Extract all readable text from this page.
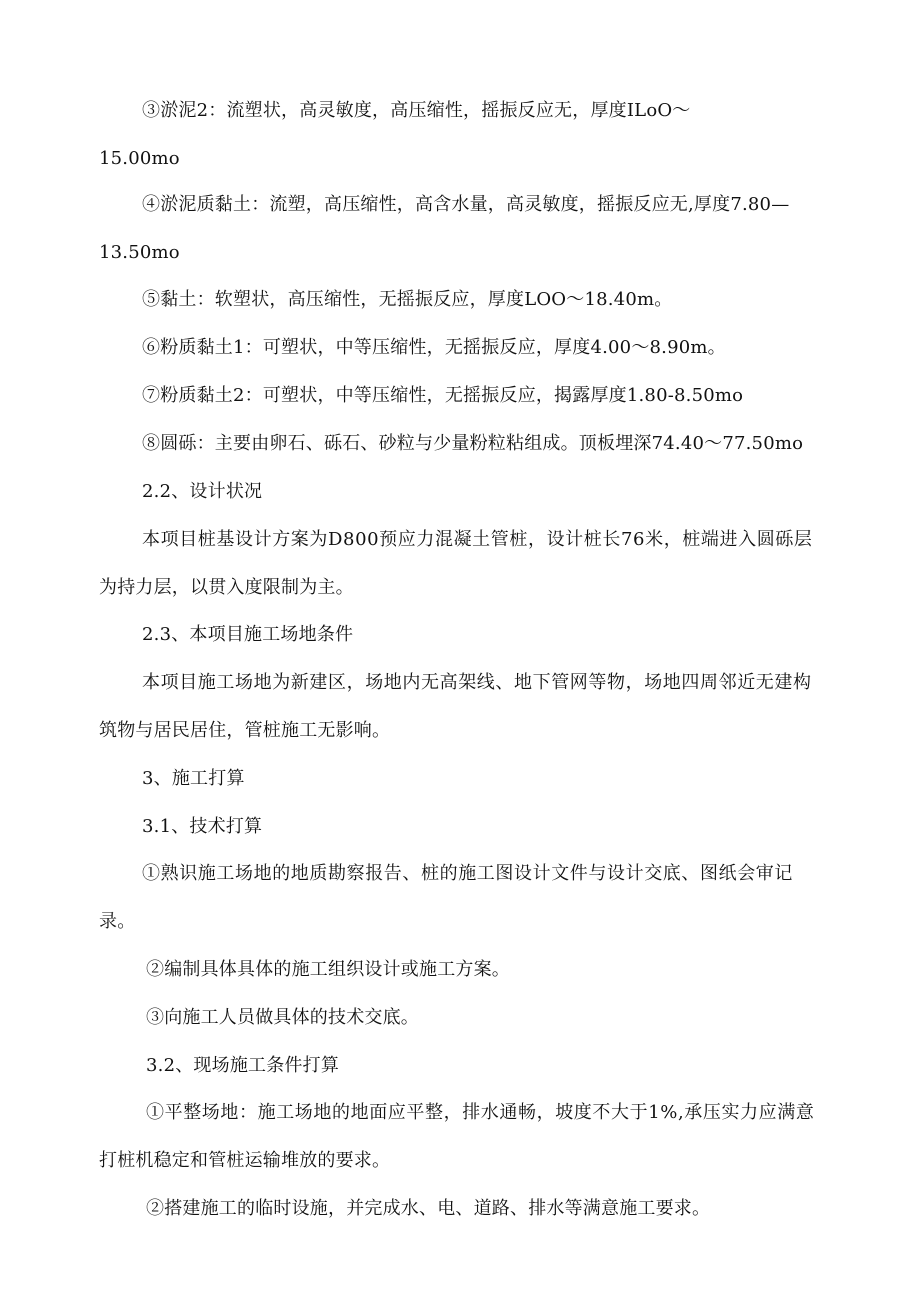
③淤泥2：流塑状，高灵敏度，高压缩性，摇振反应无，厚度ILoO～
15.00mo
④淤泥质黏土：流塑，高压缩性，高含水量，高灵敏度，摇振反应无,厚度7.80—
13.50mo
⑤黏土：软塑状，高压缩性，无摇振反应，厚度LOO～18.40m。
⑥粉质黏土1：可塑状，中等压缩性，无摇振反应，厚度4.00～8.90m。
⑦粉质黏土2：可塑状，中等压缩性，无摇振反应，揭露厚度1.80-8.50mo
⑧圆砾：主要由卵石、砾石、砂粒与少量粉粒粘组成。顶板埋深74.40～77.50mo
2.2、设计状况
本项目桩基设计方案为D800预应力混凝土管桩，设计桩长76米，桩端进入圆砾层
为持力层，以贯入度限制为主。
2.3、本项目施工场地条件
本项目施工场地为新建区，场地内无高架线、地下管网等物，场地四周邻近无建构
筑物与居民居住，管桩施工无影响。
3、施工打算
3.1、技术打算
①熟识施工场地的地质勘察报告、桩的施工图设计文件与设计交底、图纸会审记
录。
②编制具体具体的施工组织设计或施工方案。
③向施工人员做具体的技术交底。
3.2、现场施工条件打算
①平整场地：施工场地的地面应平整，排水通畅，坡度不大于1%,承压实力应满意
打桩机稳定和管桩运输堆放的要求。
②搭建施工的临时设施，并完成水、电、道路、排水等满意施工要求。
